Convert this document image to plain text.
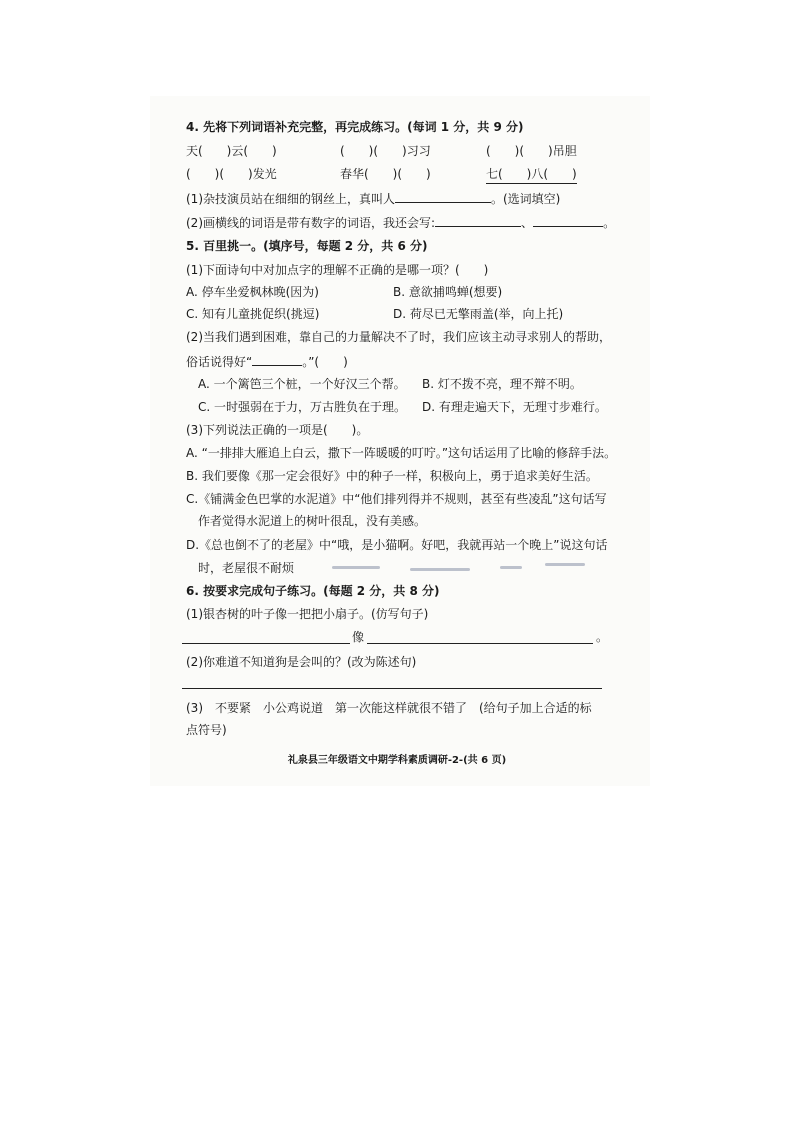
4. 先将下列词语补充完整，再完成练习。(每词 1 分，共 9 分)
天(　　)云(　　)	(　　)(　　)习习	(　　)(　　)吊胆
(　　)(　　)发光	春华(　　)(　　)	七(　　)八(　　)
(1)杂技演员站在细细的钢丝上，真叫人	。(选词填空)
(2)画横线的词语是带有数字的词语，我还会写:	、	。
5. 百里挑一。(填序号，每题 2 分，共 6 分)
(1)下面诗句中对加点字的理解不正确的是哪一项？(　　)
A. 停车坐爱枫林晚(因为)	B. 意欲捕鸣蝉(想要)
C. 知有儿童挑促织(挑逗)	D. 荷尽已无擎雨盖(举，向上托)
(2)当我们遇到困难，靠自己的力量解决不了时，我们应该主动寻求别人的帮助，
俗话说得好“	。”(　　)
A. 一个篱笆三个桩，一个好汉三个帮。 B. 灯不拨不亮，理不辩不明。
C. 一时强弱在于力，万古胜负在于理。 D. 有理走遍天下，无理寸步难行。
(3)下列说法正确的一项是(　　)。
A. “一排排大雁追上白云，撒下一阵暖暖的叮咛。”这句话运用了比喻的修辞手法。
B. 我们要像《那一定会很好》中的种子一样，积极向上，勇于追求美好生活。
C.《铺满金色巴掌的水泥道》中“他们排列得并不规则，甚至有些凌乱”这句话写
作者觉得水泥道上的树叶很乱，没有美感。
D.《总也倒不了的老屋》中“哦，是小猫啊。好吧，我就再站一个晚上”说这句话
时，老屋很不耐烦
6. 按要求完成句子练习。(每题 2 分，共 8 分)
(1)银杏树的叶子像一把把小扇子。(仿写句子)
像	。
(2)你难道不知道狗是会叫的？(改为陈述句)
(3)　不要紧　小公鸡说道　第一次能这样就很不错了　(给句子加上合适的标
点符号)
礼泉县三年级语文中期学科素质调研-2-(共 6 页)
